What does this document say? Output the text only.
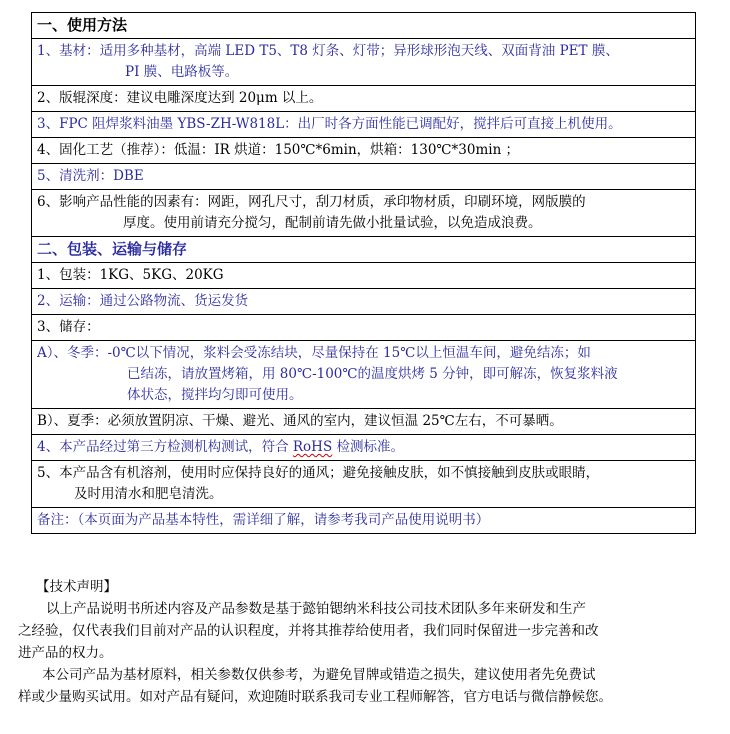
一、使用方法
1、基材：适用多种基材，高端 LED T5、T8 灯条、灯带；异形球形泡天线、双面背油 PET 膜、
PI 膜、电路板等。
2、版辊深度：建议电雕深度达到 20μm 以上。
3、FPC 阻焊浆料油墨 YBS-ZH-W818L：出厂时各方面性能已调配好，搅拌后可直接上机使用。
4、固化工艺（推荐）：低温：IR 烘道：150℃*6min，烘箱：130℃*30min ；
5、清洗剂：DBE
6、影响产品性能的因素有：网距，网孔尺寸，刮刀材质，承印物材质，印刷环境，网版膜的
厚度。使用前请充分搅匀，配制前请先做小批量试验，以免造成浪费。
二、包装、运输与储存
1、包装：1KG、5KG、20KG
2、运输：通过公路物流、货运发货
3、储存：
A）、冬季：-0℃以下情况，浆料会受冻结块，尽量保持在 15℃以上恒温车间，避免结冻；如
已结冻，请放置烤箱，用 80℃-100℃的温度烘烤 5 分钟，即可解冻，恢复浆料液
体状态，搅拌均匀即可使用。
B）、夏季：必须放置阴凉、干燥、避光、通风的室内，建议恒温 25℃左右，不可暴晒。
4、本产品经过第三方检测机构测试，符合 RoHS 检测标准。
5、本产品含有机溶剂，使用时应保持良好的通风；避免接触皮肤，如不慎接触到皮肤或眼睛，
及时用清水和肥皂清洗。
备注：（本页面为产品基本特性，需详细了解，请参考我司产品使用说明书）

【技术声明】

以上产品说明书所述内容及产品参数是基于懿铂锶纳米科技公司技术团队多年来研发和生产

之经验，仅代表我们目前对产品的认识程度，并将其推荐给使用者，我们同时保留进一步完善和改

进产品的权力。

本公司产品为基材原料，相关参数仅供参考，为避免冒牌或错造之损失，建议使用者先免费试

样或少量购买试用。如对产品有疑问，欢迎随时联系我司专业工程师解答，官方电话与微信静候您。
